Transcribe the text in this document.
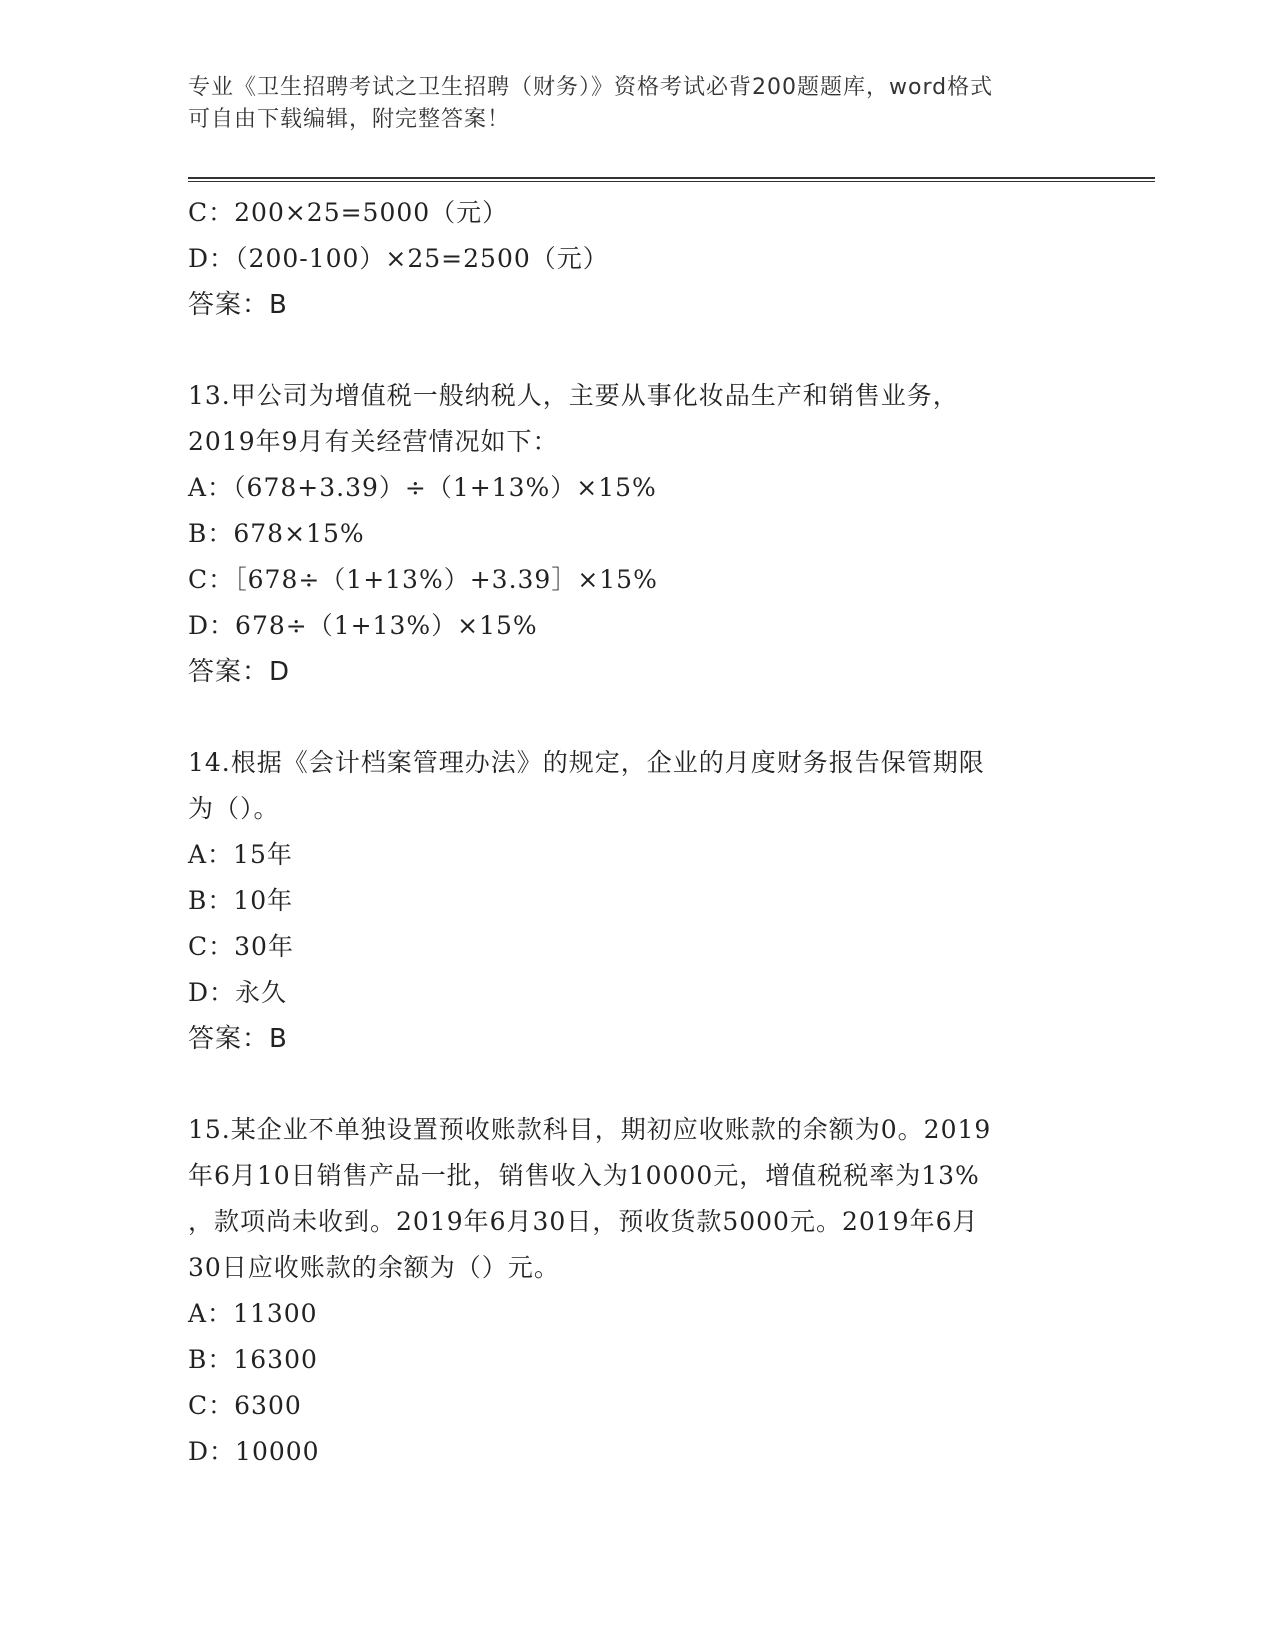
专业《卫生招聘考试之卫生招聘（财务）》资格考试必背200题题库，word格式
可自由下载编辑，附完整答案！
C：200×25=5000（元）
D：（200-100）×25=2500（元）
答案：B
13.甲公司为增值税一般纳税人，主要从事化妆品生产和销售业务，
2019年9月有关经营情况如下：
A：（678+3.39）÷（1+13%）×15%
B：678×15%
C：［678÷（1+13%）+3.39］×15%
D：678÷（1+13%）×15%
答案：D
14.根据《会计档案管理办法》的规定，企业的月度财务报告保管期限
为（）。
A：15年
B：10年
C：30年
D：永久
答案：B
15.某企业不单独设置预收账款科目，期初应收账款的余额为0。2019
年6月10日销售产品一批，销售收入为10000元，增值税税率为13%
，款项尚未收到。2019年6月30日，预收货款5000元。2019年6月
30日应收账款的余额为（）元。
A：11300
B：16300
C：6300
D：10000
